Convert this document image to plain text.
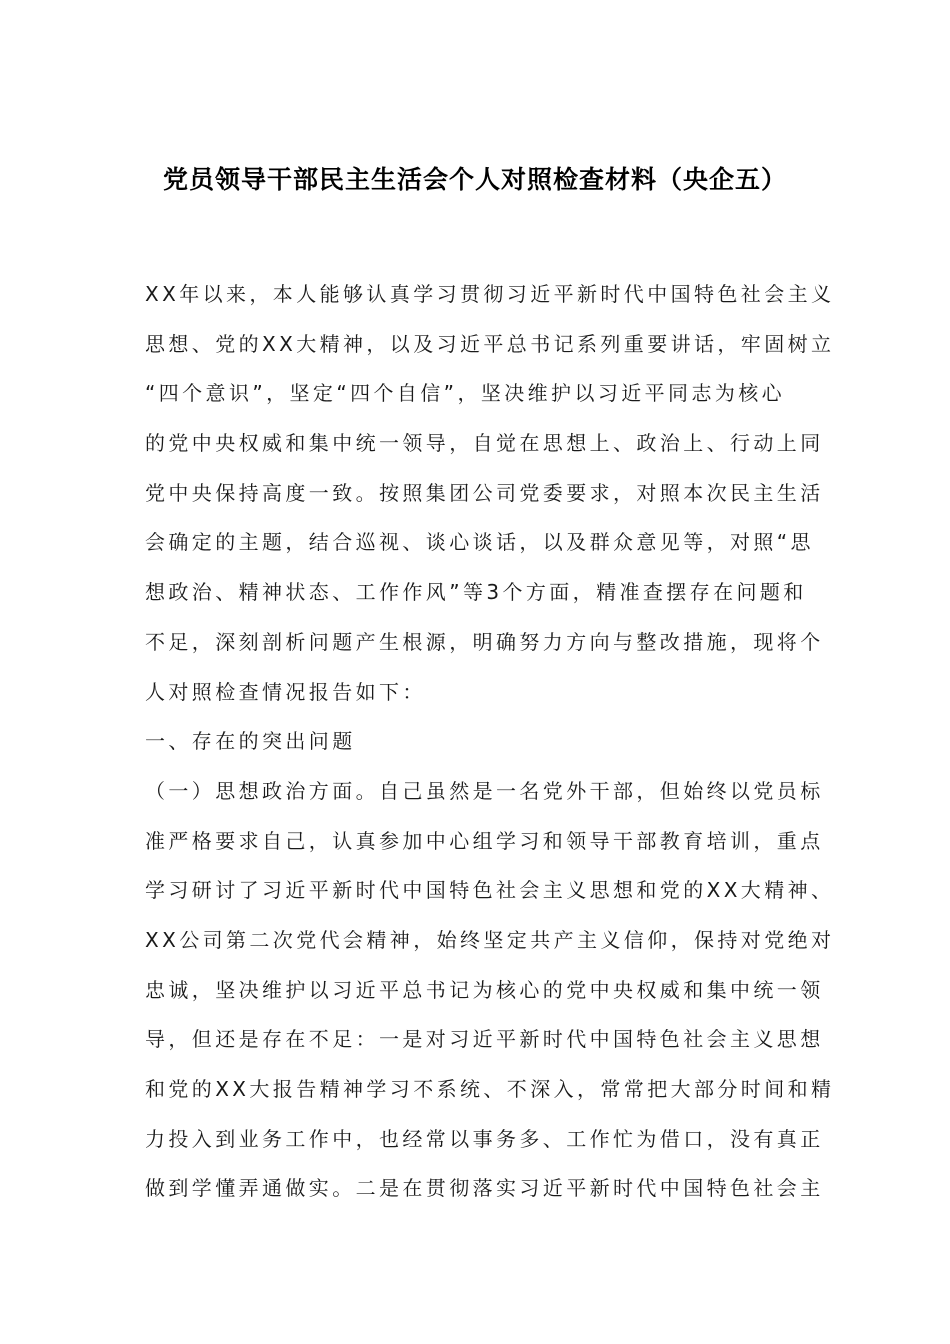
党员领导干部民主生活会个人对照检查材料（央企五）
XX年以来，本人能够认真学习贯彻习近平新时代中国特色社会主义
思想、党的XX大精神，以及习近平总书记系列重要讲话，牢固树立
“四个意识”，坚定“四个自信”，坚决维护以习近平同志为核心
的党中央权威和集中统一领导，自觉在思想上、政治上、行动上同
党中央保持高度一致。按照集团公司党委要求，对照本次民主生活
会确定的主题，结合巡视、谈心谈话，以及群众意见等，对照“思
想政治、精神状态、工作作风”等3个方面，精准查摆存在问题和
不足，深刻剖析问题产生根源，明确努力方向与整改措施，现将个
人对照检查情况报告如下：
一、存在的突出问题
（一）思想政治方面。自己虽然是一名党外干部，但始终以党员标
准严格要求自己，认真参加中心组学习和领导干部教育培训，重点
学习研讨了习近平新时代中国特色社会主义思想和党的XX大精神、
XX公司第二次党代会精神，始终坚定共产主义信仰，保持对党绝对
忠诚，坚决维护以习近平总书记为核心的党中央权威和集中统一领
导，但还是存在不足：一是对习近平新时代中国特色社会主义思想
和党的XX大报告精神学习不系统、不深入，常常把大部分时间和精
力投入到业务工作中，也经常以事务多、工作忙为借口，没有真正
做到学懂弄通做实。二是在贯彻落实习近平新时代中国特色社会主
